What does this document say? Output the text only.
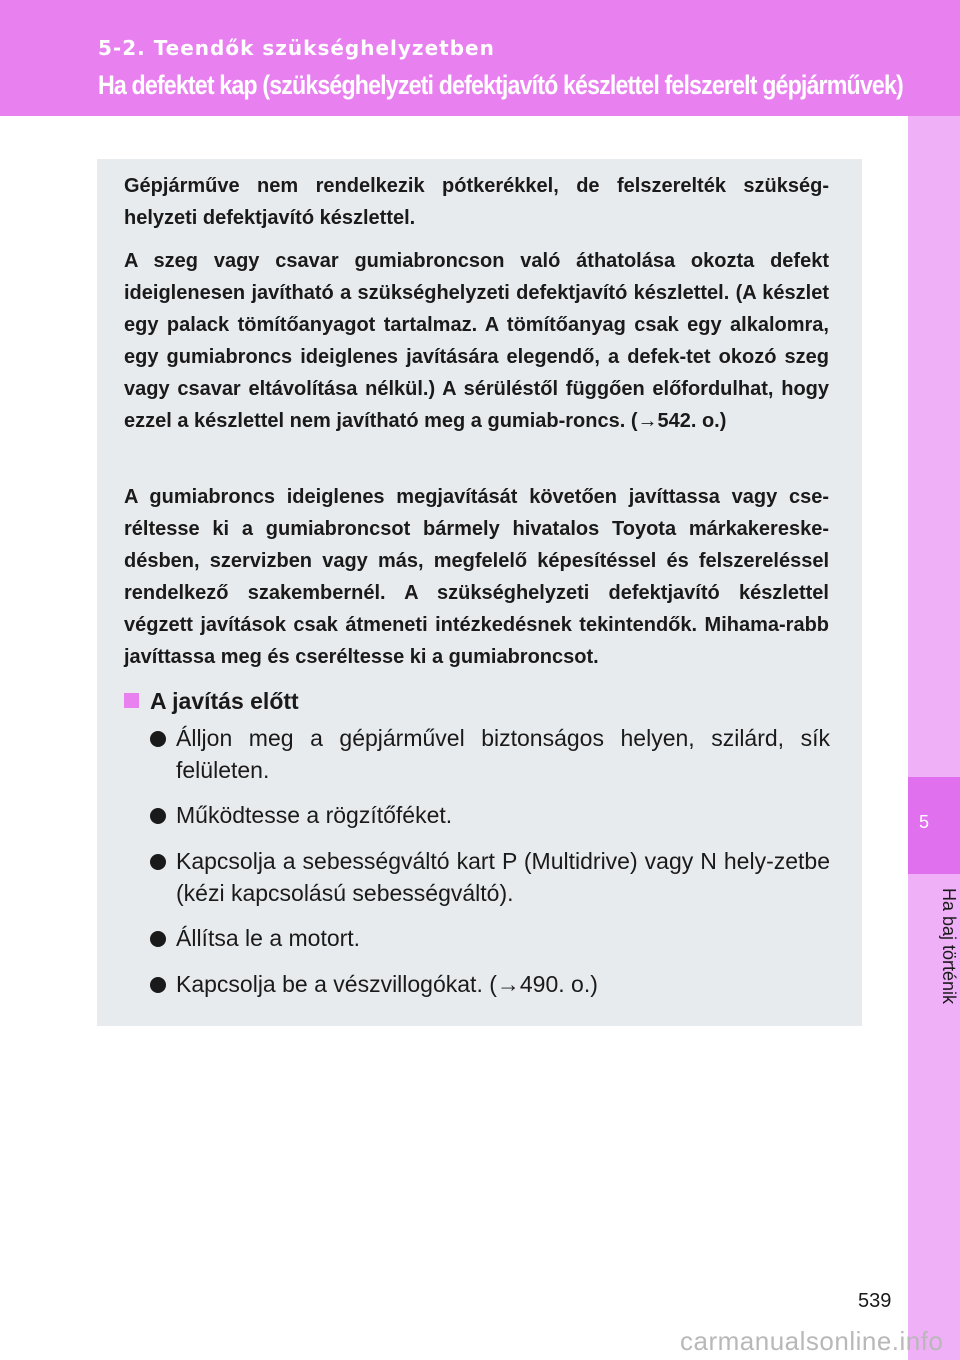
5-2. Teendők szükséghelyzetben
Ha defektet kap (szükséghelyzeti defektjavító készlettel felszerelt gépjárművek)
5
Ha baj történik

Gépjárműve nem rendelkezik pótkerékkel, de felszerelték szükség-helyzeti defektjavító készlettel.

A szeg vagy csavar gumiabroncson való áthatolása okozta defekt ideiglenesen javítható a szükséghelyzeti defektjavító készlettel. (A készlet egy palack tömítőanyagot tartalmaz. A tömítőanyag csak egy alkalomra, egy gumiabroncs ideiglenes javítására elegendő, a defek-tet okozó szeg vagy csavar eltávolítása nélkül.) A sérüléstől függően előfordulhat, hogy ezzel a készlettel nem javítható meg a gumiab-roncs. (→542. o.)

A gumiabroncs ideiglenes megjavítását követően javíttassa vagy cse-réltesse ki a gumiabroncsot bármely hivatalos Toyota márkakereske-désben, szervizben vagy más, megfelelő képesítéssel és felszereléssel rendelkező szakembernél. A szükséghelyzeti defektjavító készlettel végzett javítások csak átmeneti intézkedésnek tekintendők. Mihama-rabb javíttassa meg és cseréltesse ki a gumiabroncsot.

A javítás előtt
Álljon meg a gépjárművel biztonságos helyen, szilárd, sík felületen.
Működtesse a rögzítőféket.
Kapcsolja a sebességváltó kart P (Multidrive) vagy N hely-zetbe (kézi kapcsolású sebességváltó).
Állítsa le a motort.
Kapcsolja be a vészvillogókat. (→490. o.)
539
carmanualsonline.info
